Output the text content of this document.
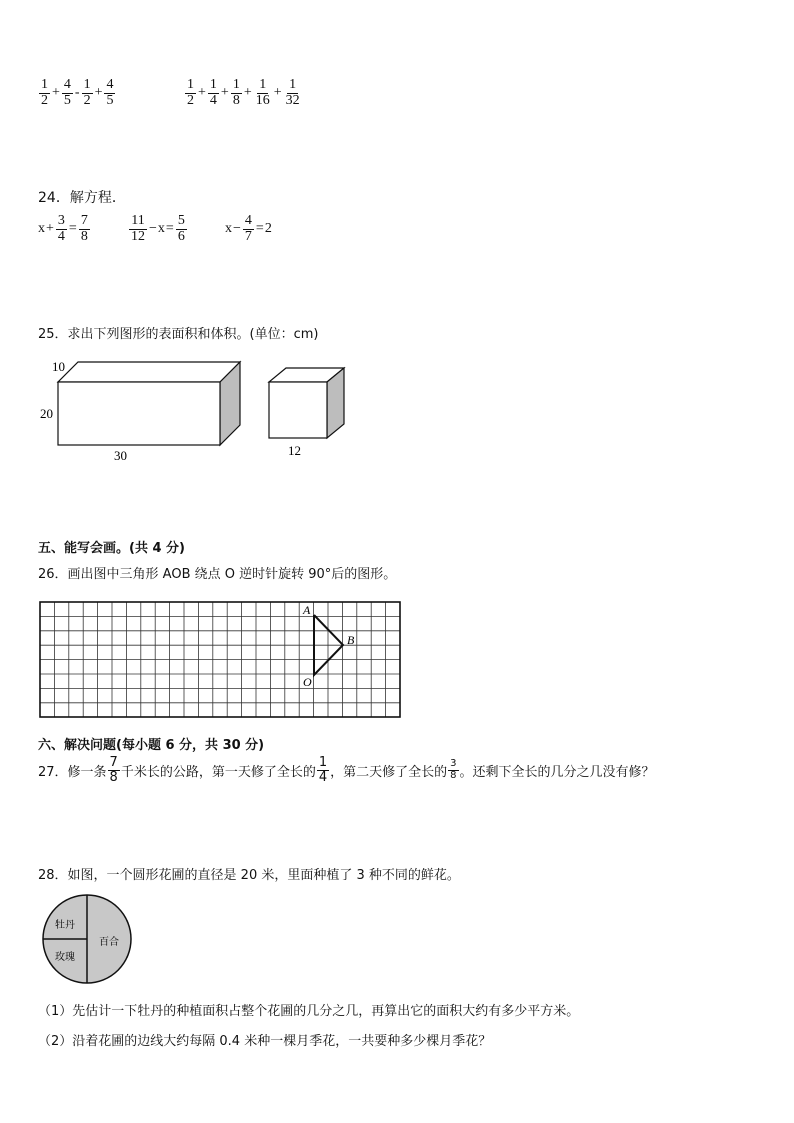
$\frac{1}{2} + \frac{4}{5} - \frac{1}{2} + \frac{4}{5}$	$\frac{1}{2} + \frac{1}{4} + \frac{1}{8} + \frac{1}{16} + \frac{1}{32}$
24．解方程．
$x + \frac{3}{4} = \frac{7}{8}$	$\frac{11}{12} - x = \frac{5}{6}$	$x - \frac{4}{7} = 2$
25．求出下列图形的表面积和体积。(单位：cm)
10
20
30	12
五、能写会画。(共 4 分)
26．画出图中三角形 AOB 绕点 O 逆时针旋转 90°后的图形。
A
B
O
六、解决问题(每小题 6 分，共 30 分)
27．修一条 $\frac{7}{8}$ 千米长的公路，第一天修了全长的 $\frac{1}{4}$ ，第二天修了全长的 $\frac{3}{8}$ 。还剩下全长的几分之几没有修？
28．如图，一个圆形花圃的直径是 20 米，里面种植了 3 种不同的鲜花。
牡丹
百合
玫瑰
（1）先估计一下牡丹的种植面积占整个花圃的几分之几，再算出它的面积大约有多少平方米。
（2）沿着花圃的边线大约每隔 0.4 米种一棵月季花，一共要种多少棵月季花？
